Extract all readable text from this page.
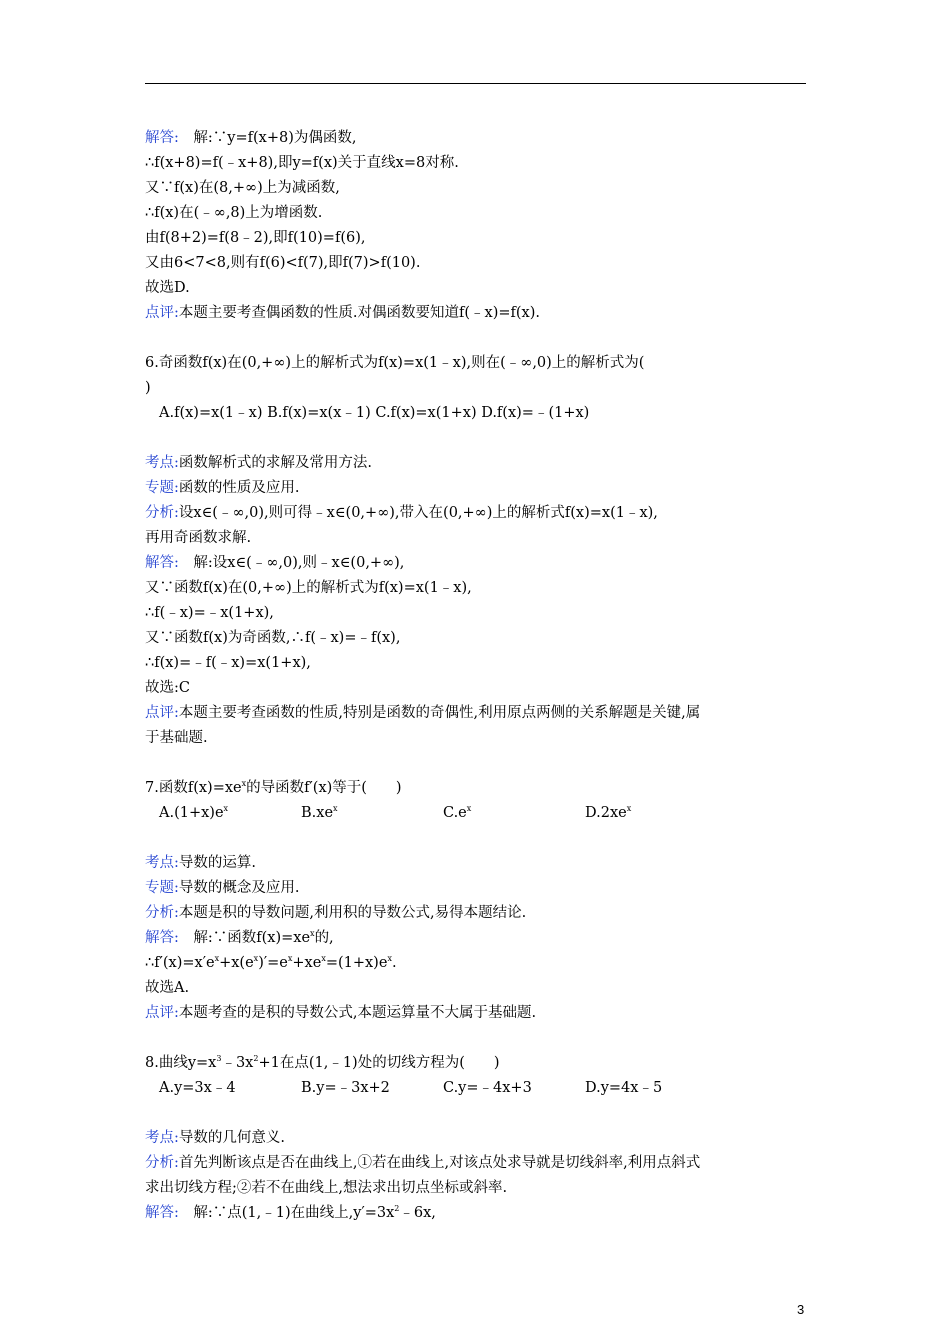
解答:　解:∵y=f(x+8)为偶函数,
∴f(x+8)=f(﹣x+8),即y=f(x)关于直线x=8对称.
又∵f(x)在(8,+∞)上为减函数,
∴f(x)在(﹣∞,8)上为增函数.
由f(8+2)=f(8﹣2),即f(10)=f(6),
又由6<7<8,则有f(6)<f(7),即f(7)>f(10).
故选D.
点评:本题主要考查偶函数的性质.对偶函数要知道f(﹣x)=f(x).
6.奇函数f(x)在(0,+∞)上的解析式为f(x)=x(1﹣x),则在(﹣∞,0)上的解析式为(
)
A.f(x)=x(1﹣x) B.f(x)=x(x﹣1) C.f(x)=x(1+x) D.f(x)=﹣(1+x)
考点:函数解析式的求解及常用方法.
专题:函数的性质及应用.
分析:设x∈(﹣∞,0),则可得﹣x∈(0,+∞),带入在(0,+∞)上的解析式f(x)=x(1﹣x),
再用奇函数求解.
解答:　解:设x∈(﹣∞,0),则﹣x∈(0,+∞),
又∵函数f(x)在(0,+∞)上的解析式为f(x)=x(1﹣x),
∴f(﹣x)=﹣x(1+x),
又∵函数f(x)为奇函数,∴f(﹣x)=﹣f(x),
∴f(x)=﹣f(﹣x)=x(1+x),
故选:C
点评:本题主要考查函数的性质,特别是函数的奇偶性,利用原点两侧的关系解题是关键,属
于基础题.
7.函数$f(x)=xe^x$的导函数f′(x)等于(　　)
$A.(1+x)e^x$	$B.xe^x$	$C.e^x$	$D.2xe^x$
考点:导数的运算.
专题:导数的概念及应用.
分析:本题是积的导数问题,利用积的导数公式,易得本题结论.
解答:　解:∵函数$f(x)=xe^x$的,
$\therefore f'(x)=x'e^x+x(e^x)'=e^x+xe^x=(1+x)e^x$.
故选A.
点评:本题考查的是积的导数公式,本题运算量不大属于基础题.
8.曲线$y=x^3﹣3x^2+1$在点(1,﹣1)处的切线方程为(　　)
A.y=3x﹣4	B.y=﹣3x+2	C.y=﹣4x+3	D.y=4x﹣5
考点:导数的几何意义.
分析:首先判断该点是否在曲线上,①若在曲线上,对该点处求导就是切线斜率,利用点斜式
求出切线方程;②若不在曲线上,想法求出切点坐标或斜率.
解答:　解:∵点(1,﹣1)在曲线上$,y'=3x^2﹣6x$,
3
